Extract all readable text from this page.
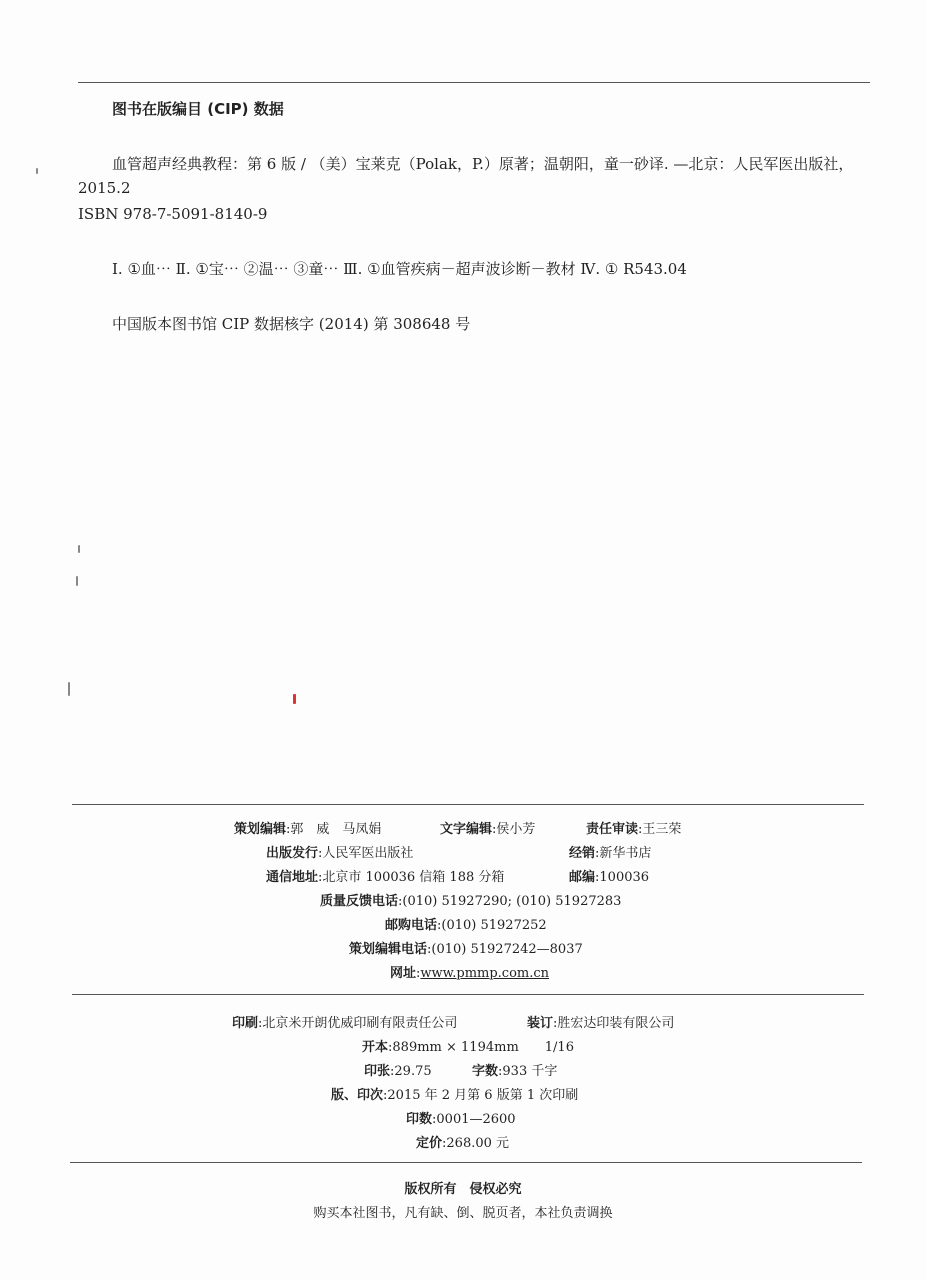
图书在版编目 (CIP) 数据
血管超声经典教程：第 6 版 / （美）宝莱克（Polak，P.）原著；温朝阳，童一砂译. —北京：人民军医出版社，2015.2
ISBN 978-7-5091-8140-9
Ⅰ. ①血⋯ Ⅱ. ①宝⋯ ②温⋯ ③童⋯ Ⅲ. ①血管疾病－超声波诊断－教材 Ⅳ. ① R543.04
中国版本图书馆 CIP 数据核字 (2014) 第 308648 号
策划编辑:郭　威　马凤娟	文字编辑:侯小芳	责任审读:王三荣
出版发行:人民军医出版社	经销:新华书店
通信地址:北京市 100036 信箱 188 分箱	邮编:100036
质量反馈电话:(010) 51927290; (010) 51927283
邮购电话:(010) 51927252
策划编辑电话:(010) 51927242—8037
网址:www.pmmp.com.cn
印刷:北京米开朗优威印刷有限责任公司	装订:胜宏达印装有限公司
开本:889mm × 1194mm　　1/16
印张:29.75	字数:933 千字
版、印次:2015 年 2 月第 6 版第 1 次印刷
印数:0001—2600
定价:268.00 元
版权所有　侵权必究
购买本社图书，凡有缺、倒、脱页者，本社负责调换
